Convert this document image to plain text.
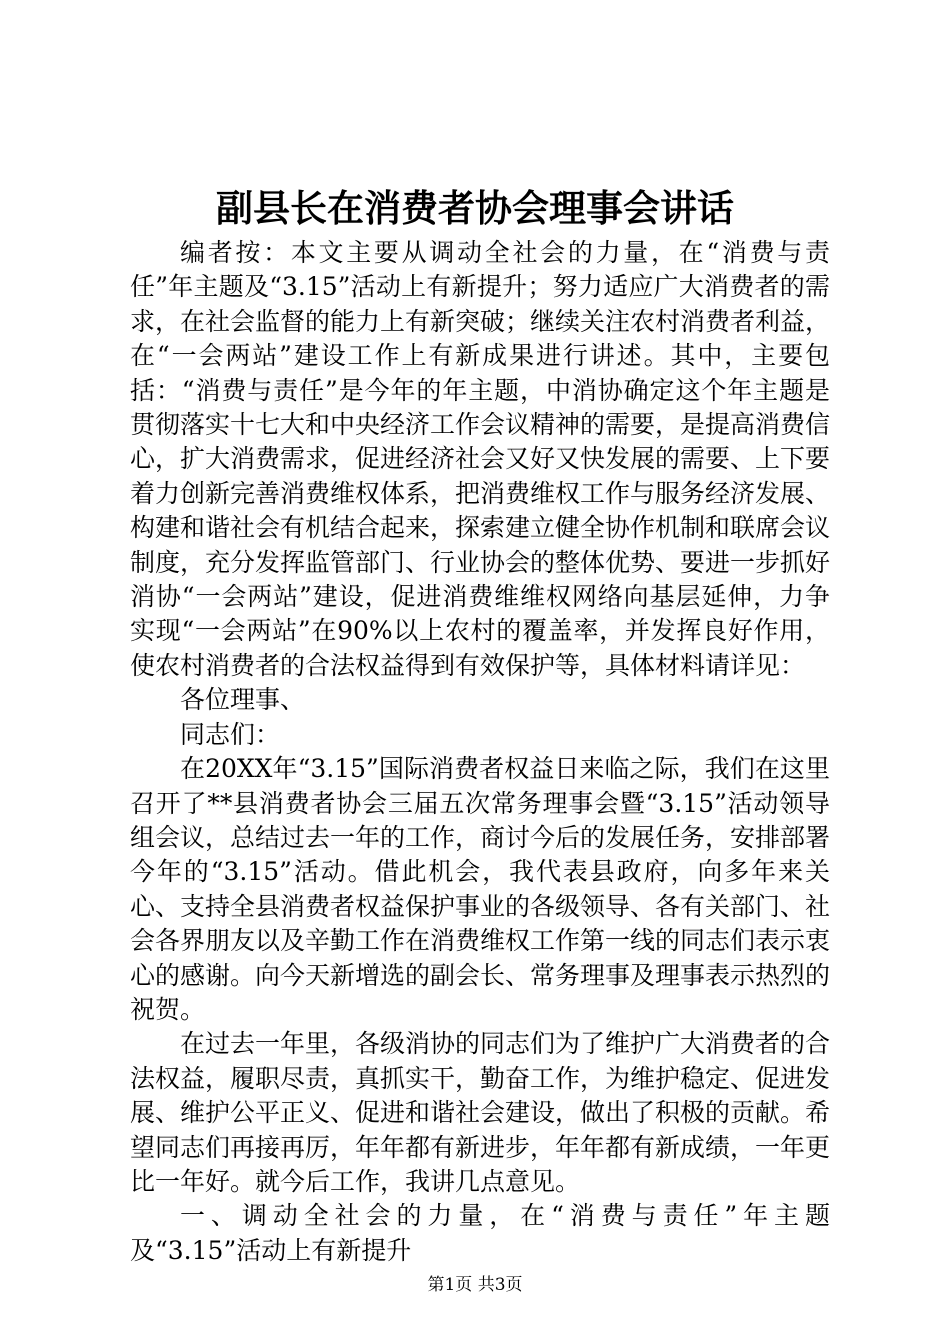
副县长在消费者协会理事会讲话

编者按：本文主要从调动全社会的力量，在“消费与责任”年主题及“3.15”活动上有新提升；努力适应广大消费者的需求，在社会监督的能力上有新突破；继续关注农村消费者利益，在“一会两站”建设工作上有新成果进行讲述。其中，主要包括：“消费与责任”是今年的年主题，中消协确定这个年主题是贯彻落实十七大和中央经济工作会议精神的需要，是提高消费信心，扩大消费需求，促进经济社会又好又快发展的需要、上下要着力创新完善消费维权体系，把消费维权工作与服务经济发展、构建和谐社会有机结合起来，探索建立健全协作机制和联席会议制度，充分发挥监管部门、行业协会的整体优势、要进一步抓好消协“一会两站”建设，促进消费维维权网络向基层延伸，力争实现“一会两站”在90%以上农村的覆盖率，并发挥良好作用，使农村消费者的合法权益得到有效保护等，具体材料请详见：

各位理事、

同志们：

在20XX年“3.15”国际消费者权益日来临之际，我们在这里召开了**县消费者协会三届五次常务理事会暨“3.15”活动领导组会议，总结过去一年的工作，商讨今后的发展任务，安排部署今年的“3.15”活动。借此机会，我代表县政府，向多年来关心、支持全县消费者权益保护事业的各级领导、各有关部门、社会各界朋友以及辛勤工作在消费维权工作第一线的同志们表示衷心的感谢。向今天新增选的副会长、常务理事及理事表示热烈的祝贺。

在过去一年里，各级消协的同志们为了维护广大消费者的合法权益，履职尽责，真抓实干，勤奋工作，为维护稳定、促进发展、维护公平正义、促进和谐社会建设，做出了积极的贡献。希望同志们再接再厉，年年都有新进步，年年都有新成绩，一年更比一年好。就今后工作，我讲几点意见。

一、调动全社会的力量，在“消费与责任”年主题及“3.15”活动上有新提升

第1页 共3页
